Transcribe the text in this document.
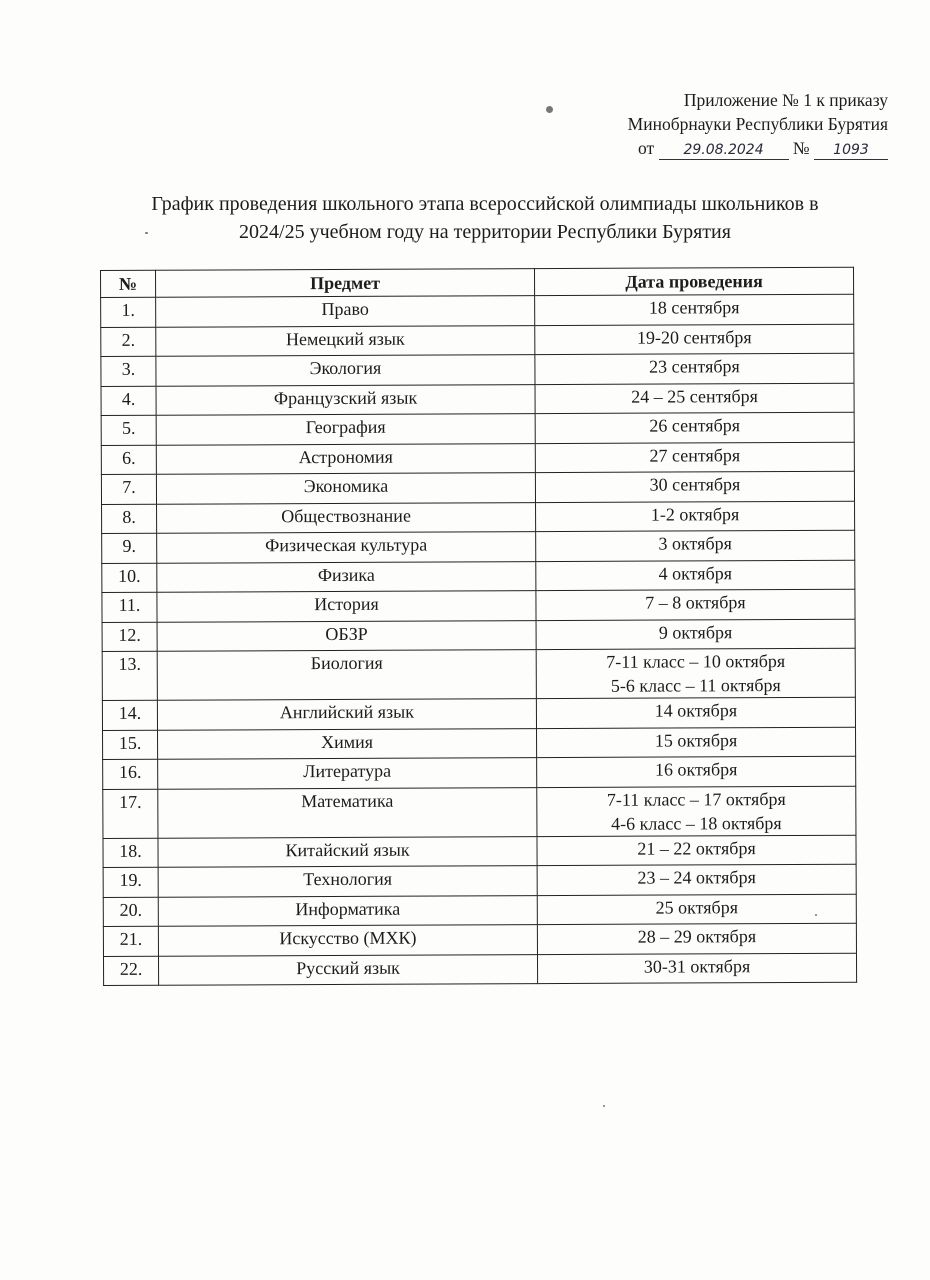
Приложение № 1 к приказу
Минобрнауки Республики Бурятия
от 29.08.2024 № 1093
График проведения школьного этапа всероссийской олимпиады школьников в
2024/25 учебном году на территории Республики Бурятия
№	Предмет	Дата проведения
1.	Право	18 сентября

2.	Немецкий язык	19-20 сентября

3.	Экология	23 сентября

4.	Французский язык	24 – 25 сентября

5.	География	26 сентября

6.	Астрономия	27 сентября

7.	Экономика	30 сентября

8.	Обществознание	1-2 октября

9.	Физическая культура	3 октября

10.	Физика	4 октября

11.	История	7 – 8 октября

12.	ОБЗР	9 октября

13.	Биология	7-11 класс – 10 октября
5-6 класс – 11 октября

14.	Английский язык	14 октября

15.	Химия	15 октября

16.	Литература	16 октября

17.	Математика	7-11 класс – 17 октября
4-6 класс – 18 октября

18.	Китайский язык	21 – 22 октября

19.	Технология	23 – 24 октября

20.	Информатика	25 октября

21.	Искусство (МХК)	28 – 29 октября

22.	Русский язык	30-31 октября
